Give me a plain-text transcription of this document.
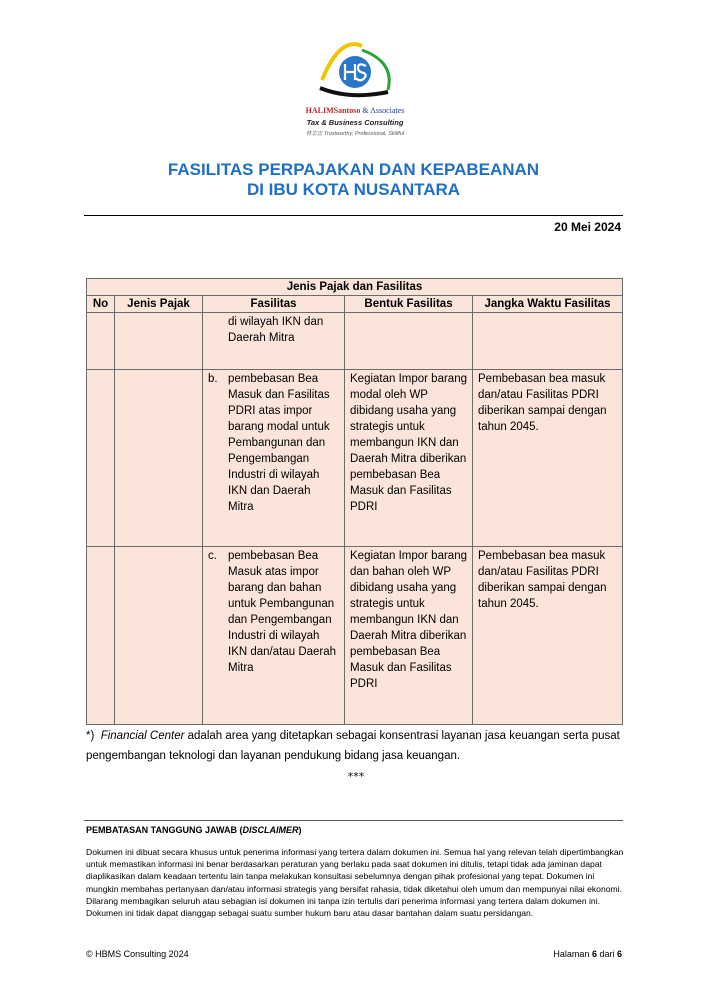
HALIMSantoso & Associates
Tax & Business Consulting
林志忠 Trustworthy, Professional, Skillful
FASILITAS PERPAJAKAN DAN KEPABEANAN
DI IBU KOTA NUSANTARA
20 Mei 2024
Jenis Pajak dan Fasilitas				
No	Jenis Pajak	Fasilitas	Bentuk Fasilitas	Jangka Waktu Fasilitas

		di wilayah IKN dan Daerah Mitra		

		b. pembebasan Bea Masuk dan Fasilitas PDRI atas impor barang modal untuk Pembangunan dan Pengembangan Industri di wilayah IKN dan Daerah Mitra	Kegiatan Impor barang modal oleh WP dibidang usaha yang strategis untuk membangun IKN dan Daerah Mitra diberikan pembebasan Bea Masuk dan Fasilitas PDRI	Pembebasan bea masuk dan/atau Fasilitas PDRI diberikan sampai dengan tahun 2045.

		c. pembebasan Bea Masuk atas impor barang dan bahan untuk Pembangunan dan Pengembangan Industri di wilayah IKN dan/atau Daerah Mitra	Kegiatan Impor barang dan bahan oleh WP dibidang usaha yang strategis untuk membangun IKN dan Daerah Mitra diberikan pembebasan Bea Masuk dan Fasilitas PDRI	Pembebasan bea masuk dan/atau Fasilitas PDRI diberikan sampai dengan tahun 2045.
*) Financial Center adalah area yang ditetapkan sebagai konsentrasi layanan jasa keuangan serta pusat pengembangan teknologi dan layanan pendukung bidang jasa keuangan.
***
PEMBATASAN TANGGUNG JAWAB (DISCLAIMER)
Dokumen ini dibuat secara khusus untuk penerima informasi yang tertera dalam dokumen ini. Semua hal yang relevan telah dipertimbangkan untuk memastikan informasi ini benar berdasarkan peraturan yang berlaku pada saat dokumen ini ditulis, tetapi tidak ada jaminan dapat diaplikasikan dalam keadaan tertentu lain tanpa melakukan konsultasi sebelumnya dengan pihak profesional yang tepat. Dokumen ini mungkin membahas pertanyaan dan/atau informasi strategis yang bersifat rahasia, tidak diketahui oleh umum dan mempunyai nilai ekonomi. Dilarang membagikan seluruh atau sebagian isi dokumen ini tanpa izin tertulis dari penerima informasi yang tertera dalam dokumen ini. Dokumen ini tidak dapat dianggap sebagai suatu sumber hukum baru atau dasar bantahan dalam suatu persidangan.
© HBMS Consulting 2024	Halaman 6 dari 6
